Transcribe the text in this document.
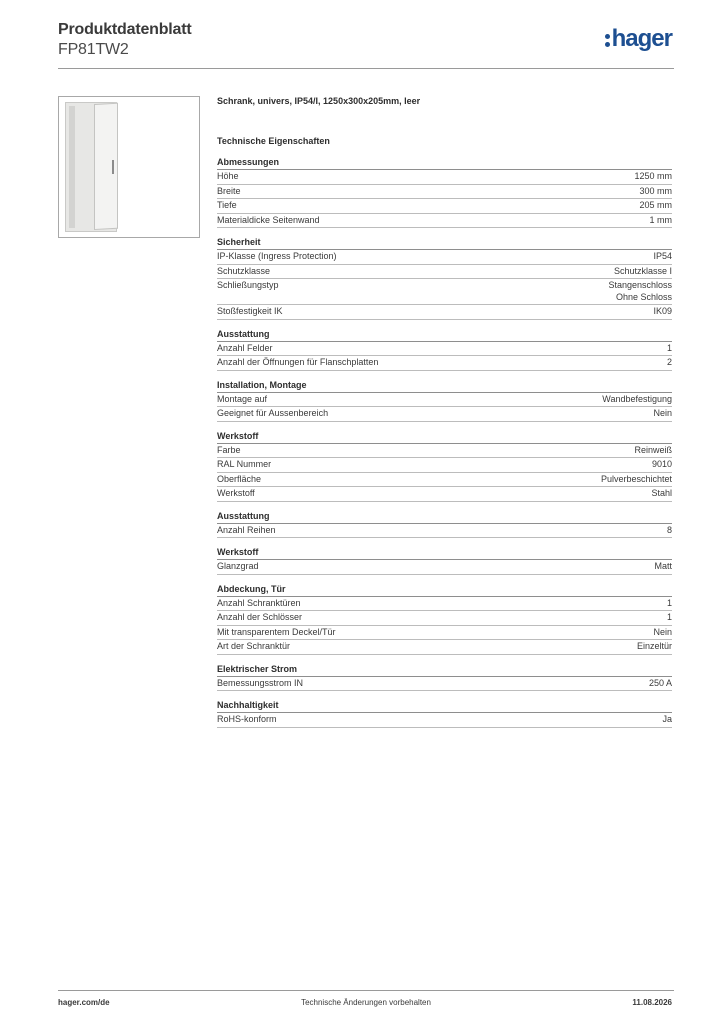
Produktdatenblatt
FP81TW2	hager
Schrank, univers, IP54/I, 1250x300x205mm, leer
Technische Eigenschaften
Abmessungen
Höhe	1250 mm
Breite	300 mm
Tiefe	205 mm
Materialdicke Seitenwand	1 mm
Sicherheit
IP-Klasse (Ingress Protection)	IP54
Schutzklasse	Schutzklasse I
Schließungstyp	Stangenschloss
Ohne Schloss
Stoßfestigkeit IK	IK09
Ausstattung
Anzahl Felder	1
Anzahl der Öffnungen für Flanschplatten	2
Installation, Montage
Montage auf	Wandbefestigung
Geeignet für Aussenbereich	Nein
Werkstoff
Farbe	Reinweiß
RAL Nummer	9010
Oberfläche	Pulverbeschichtet
Werkstoff	Stahl
Ausstattung
Anzahl Reihen	8
Werkstoff
Glanzgrad	Matt
Abdeckung, Tür
Anzahl Schranktüren	1
Anzahl der Schlösser	1
Mit transparentem Deckel/Tür	Nein
Art der Schranktür	Einzeltür
Elektrischer Strom
Bemessungsstrom IN	250 A
Nachhaltigkeit
RoHS-konform	Ja
hager.com/de	Technische Änderungen vorbehalten	11.08.2026
